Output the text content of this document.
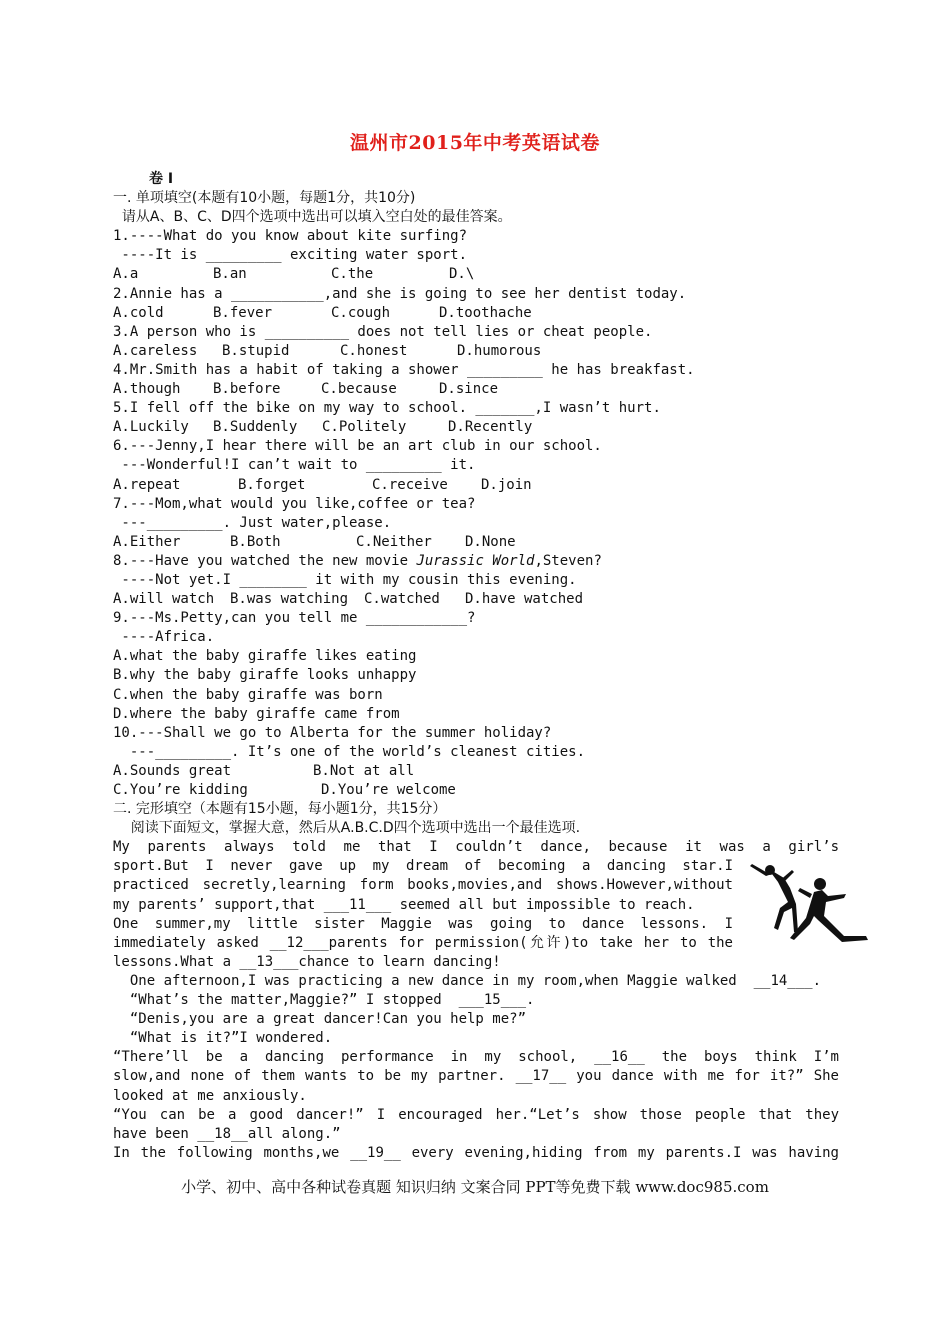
温州市2015年中考英语试卷
卷 Ⅰ
一. 单项填空(本题有10小题，每题1分，共10分)
请从A、B、C、D四个选项中选出可以填入空白处的最佳答案。
1.----What do you know about kite surfing?
----It is _________ exciting water sport.
A.a	B.an	C.the	D.\
2.Annie has a ___________,and she is going to see her dentist today.
A.cold	B.fever	C.cough	D.toothache
3.A person who is __________ does not tell lies or cheat people.
A.careless	B.stupid	C.honest	D.humorous
4.Mr.Smith has a habit of taking a shower _________ he has breakfast.
A.though	B.before	C.because	D.since
5.I fell off the bike on my way to school. _______,I wasn’t hurt.
A.Luckily	B.Suddenly	C.Politely	D.Recently
6.---Jenny,I hear there will be an art club in our school.
---Wonderful!I can’t wait to _________ it.
A.repeat	B.forget	C.receive	D.join
7.---Mom,what would you like,coffee or tea?
---_________. Just water,please.
A.Either	B.Both	C.Neither	D.None
8.---Have you watched the new movie Jurassic World,Steven?
----Not yet.I ________ it with my cousin this evening.
A.will watch	B.was watching	C.watched	D.have watched
9.---Ms.Petty,can you tell me ____________?
----Africa.
A.what the baby giraffe likes eating
B.why the baby giraffe looks unhappy
C.when the baby giraffe was born
D.where the baby giraffe came from
10.---Shall we go to Alberta for the summer holiday?
---_________. It’s one of the world’s cleanest cities.
A.Sounds great	B.Not at all
C.You’re kidding	D.You’re welcome
二. 完形填空（本题有15小题，每小题1分，共15分）
阅读下面短文，掌握大意，然后从A.B.C.D四个选项中选出一个最佳选项.
My parents always told me that I couldn’t dance, because it was a girl’s
sport.But I never gave up my dream of becoming a dancing star.I
practiced secretly,learning form books,movies,and shows.However,without
my parents’ support,that ___11___ seemed all but impossible to reach.
One summer,my little sister Maggie was going to dance lessons. I
immediately asked __12___parents for permission(允许)to take her to the
lessons.What a __13___chance to learn dancing!
One afternoon,I was practicing a new dance in my room,when Maggie walked  __14___.
“What’s the matter,Maggie?” I stopped  ___15___.
“Denis,you are a great dancer!Can you help me?”
“What is it?”I wondered.
“There’ll be a dancing performance in my school, __16__ the boys think I’m
slow,and none of them wants to be my partner. __17__ you dance with me for it?” She
looked at me anxiously.
“You can be a good dancer!” I encouraged her.“Let’s show those people that they
have been __18__all along.”
In the following months,we __19__ every evening,hiding from my parents.I was having
小学、初中、高中各种试卷真题 知识归纳 文案合同 PPT等免费下载 www.doc985.com
